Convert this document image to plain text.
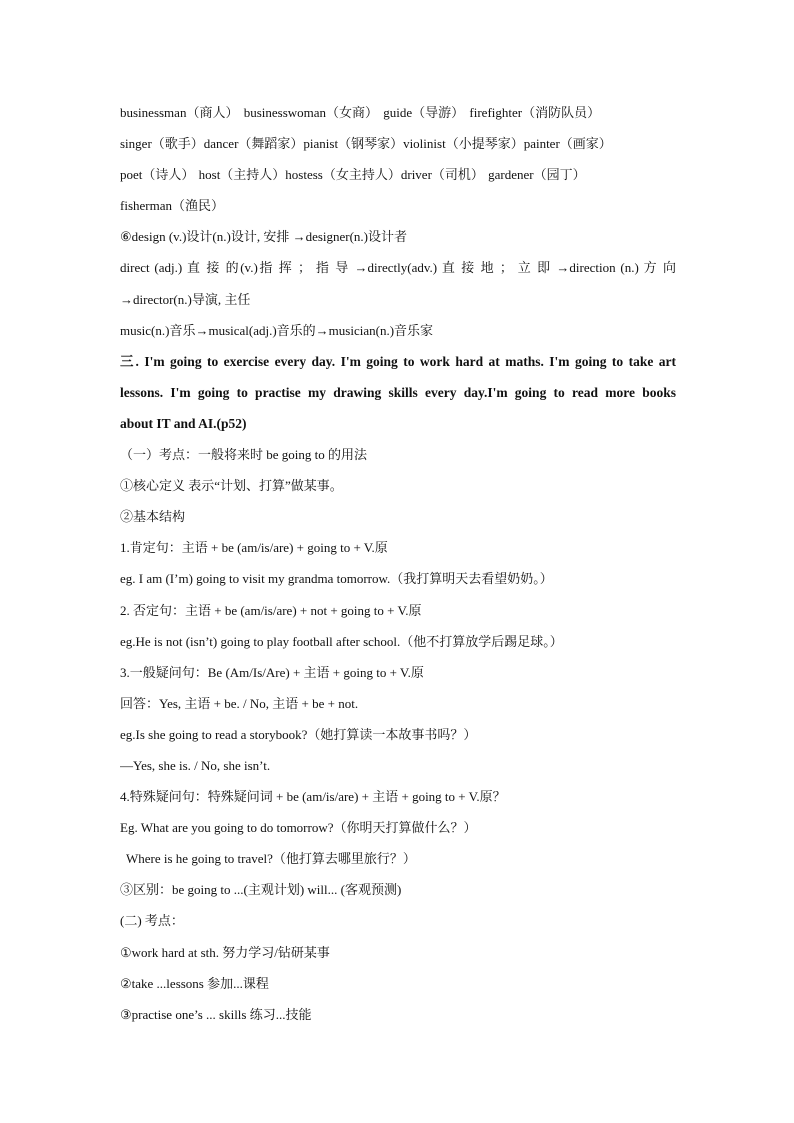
businessman（商人） businesswoman（女商） guide（导游） firefighter（消防队员）
singer（歌手）dancer（舞蹈家）pianist（钢琴家）violinist（小提琴家）painter（画家）
poet（诗人） host（主持人）hostess（女主持人）driver（司机） gardener（园丁）
fisherman（渔民）
⑥design (v.)设计(n.)设计, 安排 →designer(n.)设计者
direct (adj.) 直 接 的(v.)指 挥 ； 指 导 →directly(adv.) 直 接 地 ； 立 即 →direction (n.) 方 向
→director(n.)导演, 主任
music(n.)音乐→musical(adj.)音乐的→musician(n.)音乐家
三. I'm going to exercise every day. I'm going to work hard at maths. I'm going to take art
lessons. I'm going to practise my drawing skills every day.I'm going to read more books
about IT and AI.(p52)
（一）考点：一般将来时 be going to 的用法
①核心定义 表示“计划、打算”做某事。
②基本结构
1.肯定句：主语 + be (am/is/are) + going to + V.原
eg. I am (I’m) going to visit my grandma tomorrow.（我打算明天去看望奶奶。）
2. 否定句：主语 + be (am/is/are) + not + going to + V.原
eg.He is not (isn’t) going to play football after school.（他不打算放学后踢足球。）
3.一般疑问句：Be (Am/Is/Are) + 主语 + going to + V.原
回答：Yes, 主语 + be. / No, 主语 + be + not.
eg.Is she going to read a storybook?（她打算读一本故事书吗？）
—Yes, she is. / No, she isn’t.
4.特殊疑问句：特殊疑问词 + be (am/is/are) + 主语 + going to + V.原？
Eg. What are you going to do tomorrow?（你明天打算做什么？）
Where is he going to travel?（他打算去哪里旅行？）
③区别：be going to ...(主观计划) will... (客观预测)
(二) 考点：
①work hard at sth. 努力学习/钻研某事
②take ...lessons 参加...课程
③practise one’s ... skills 练习...技能
